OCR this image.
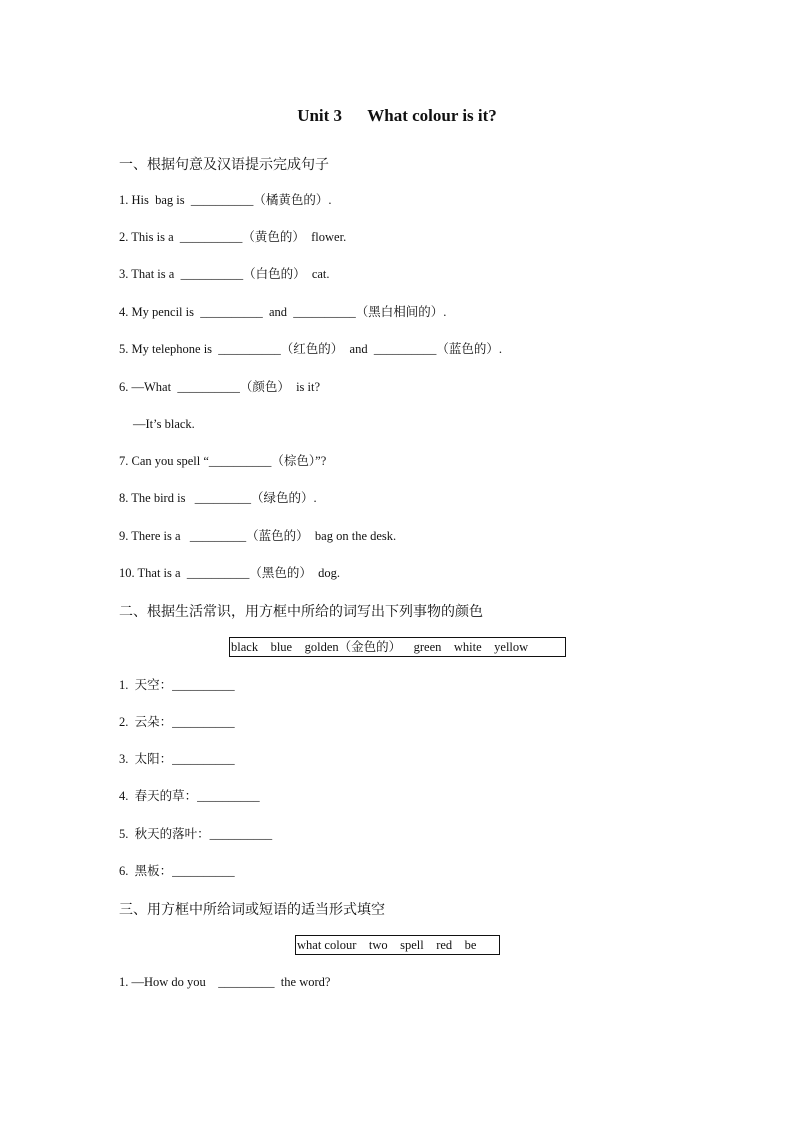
Unit 3      What colour is it?
一、根据句意及汉语提示完成句子
1. His  bag is  __________（橘黄色的）.
2. This is a  __________（黄色的）  flower.
3. That is a  __________（白色的）  cat.
4. My pencil is  __________  and  __________（黑白相间的）.
5. My telephone is  __________（红色的）  and  __________（蓝色的）.
6. —What  __________（颜色）  is it?
—It’s black.
7. Can you spell “__________（棕色）”?
8. The bird is   _________（绿色的）.
9. There is a   _________（蓝色的）  bag on the desk.
10. That is a  __________（黑色的）  dog.
二、根据生活常识，用方框中所给的词写出下列事物的颜色
black    blue    golden（金色的）    green    white    yellow
1.  天空：__________
2.  云朵：__________
3.  太阳：__________
4.  春天的草：__________
5.  秋天的落叶：__________
6.  黑板：__________
三、用方框中所给词或短语的适当形式填空
what colour    two    spell    red    be
1. —How do you    _________  the word?
